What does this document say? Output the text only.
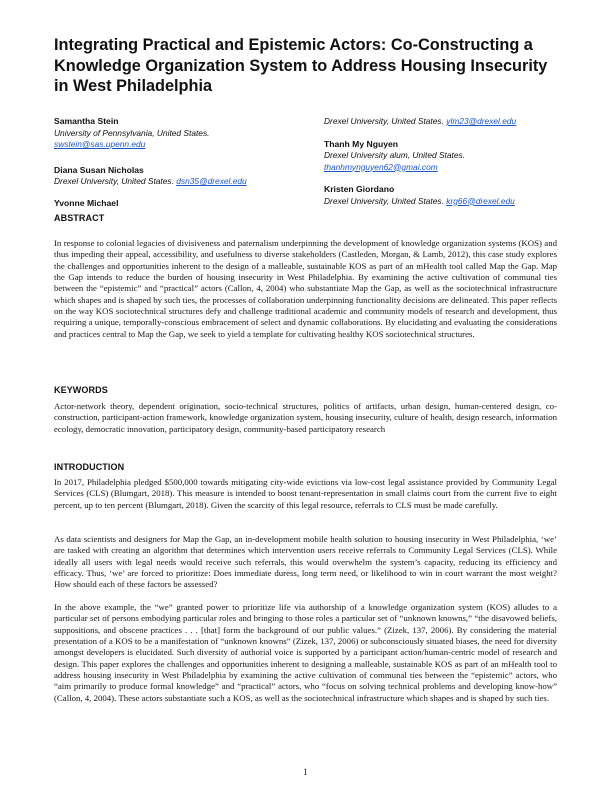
Integrating Practical and Epistemic Actors: Co-Constructing a Knowledge Organization System to Address Housing Insecurity in West Philadelphia
Samantha Stein
University of Pennsylvania, United States.
swstein@sas.upenn.edu
Diana Susan Nicholas
Drexel University, United States. dsn35@drexel.edu
Yvonne Michael
Drexel University, United States. ylm23@drexel.edu
Thanh My Nguyen
Drexel University alum, United States.
thanhmynguyen62@gmai.com
Kristen Giordano
Drexel University, United States. krg66@drexel.edu
ABSTRACT

In response to colonial legacies of divisiveness and paternalism underpinning the development of knowledge organization systems (KOS) and thus impeding their appeal, accessibility, and usefulness to diverse stakeholders (Castleden, Morgan, & Lamb, 2012), this case study explores the challenges and opportunities inherent to the design of a malleable, sustainable KOS as part of an mHealth tool called Map the Gap. Map the Gap intends to reduce the burden of housing insecurity in West Philadelphia. By examining the active cultivation of communal ties between the “epistemic” and “practical” actors (Callon, 4, 2004) who substantiate Map the Gap, as well as the sociotechnical infrastructure which shapes and is shaped by such ties, the processes of collaboration underpinning functionality decisions are delineated. This paper reflects on the way KOS sociotechnical structures defy and challenge traditional academic and community models of research and development, thus requiring a unique, temporally-conscious embracement of select and dynamic collaborations. By elucidating and evaluating the considerations and practices central to Map the Gap, we seek to yield a template for cultivating healthy KOS sociotechnical structures.

KEYWORDS

Actor-network theory, dependent origination, socio-technical structures, politics of artifacts, urban design, human-centered design, co-construction, participant-action framework, knowledge organization system, housing insecurity, culture of health, design research, information ecology, democratic innovation, participatory design, community-based participatory research

INTRODUCTION

In 2017, Philadelphia pledged $500,000 towards mitigating city-wide evictions via low-cost legal assistance provided by Community Legal Services (CLS) (Blumgart, 2018). This measure is intended to boost tenant-representation in small claims court from the current five to eight percent, up to ten percent (Blumgart, 2018). Given the scarcity of this legal resource, referrals to CLS must be made carefully.

As data scientists and designers for Map the Gap, an in-development mobile health solution to housing insecurity in West Philadelphia, ‘we’ are tasked with creating an algorithm that determines which intervention users receive referrals to Community Legal Services (CLS). While ideally all users with legal needs would receive such referrals, this would overwhelm the system’s capacity, reducing its efficiency and efficacy. Thus, ‘we’ are forced to prioritize: Does immediate duress, long term need, or likelihood to win in court warrant the most weight? How should each of these factors be assessed?

In the above example, the “we” granted power to prioritize life via authorship of a knowledge organization system (KOS) alludes to a particular set of persons embodying particular roles and bringing to those roles a particular set of “unknown knowns,” “the disavowed beliefs, suppositions, and obscene practices . . . [that] form the background of our public values.” (Zizek, 137, 2006). By considering the material presentation of a KOS to be a manifestation of “unknown knowns” (Zizek, 137, 2006) or subconsciously situated biases, the need for diversity amongst developers is elucidated. Such diversity of authorial voice is supported by a participant action/human-centric model of research and design. This paper explores the challenges and opportunities inherent to designing a malleable, sustainable KOS as part of an mHealth tool to address housing insecurity in West Philadelphia by examining the active cultivation of communal ties between the “epistemic” actors, who “aim primarily to produce formal knowledge” and “practical” actors, who “focus on solving technical problems and developing know-how” (Callon, 4, 2004). These actors substantiate such a KOS, as well as the sociotechnical infrastructure which shapes and is shaped by such ties.

1
